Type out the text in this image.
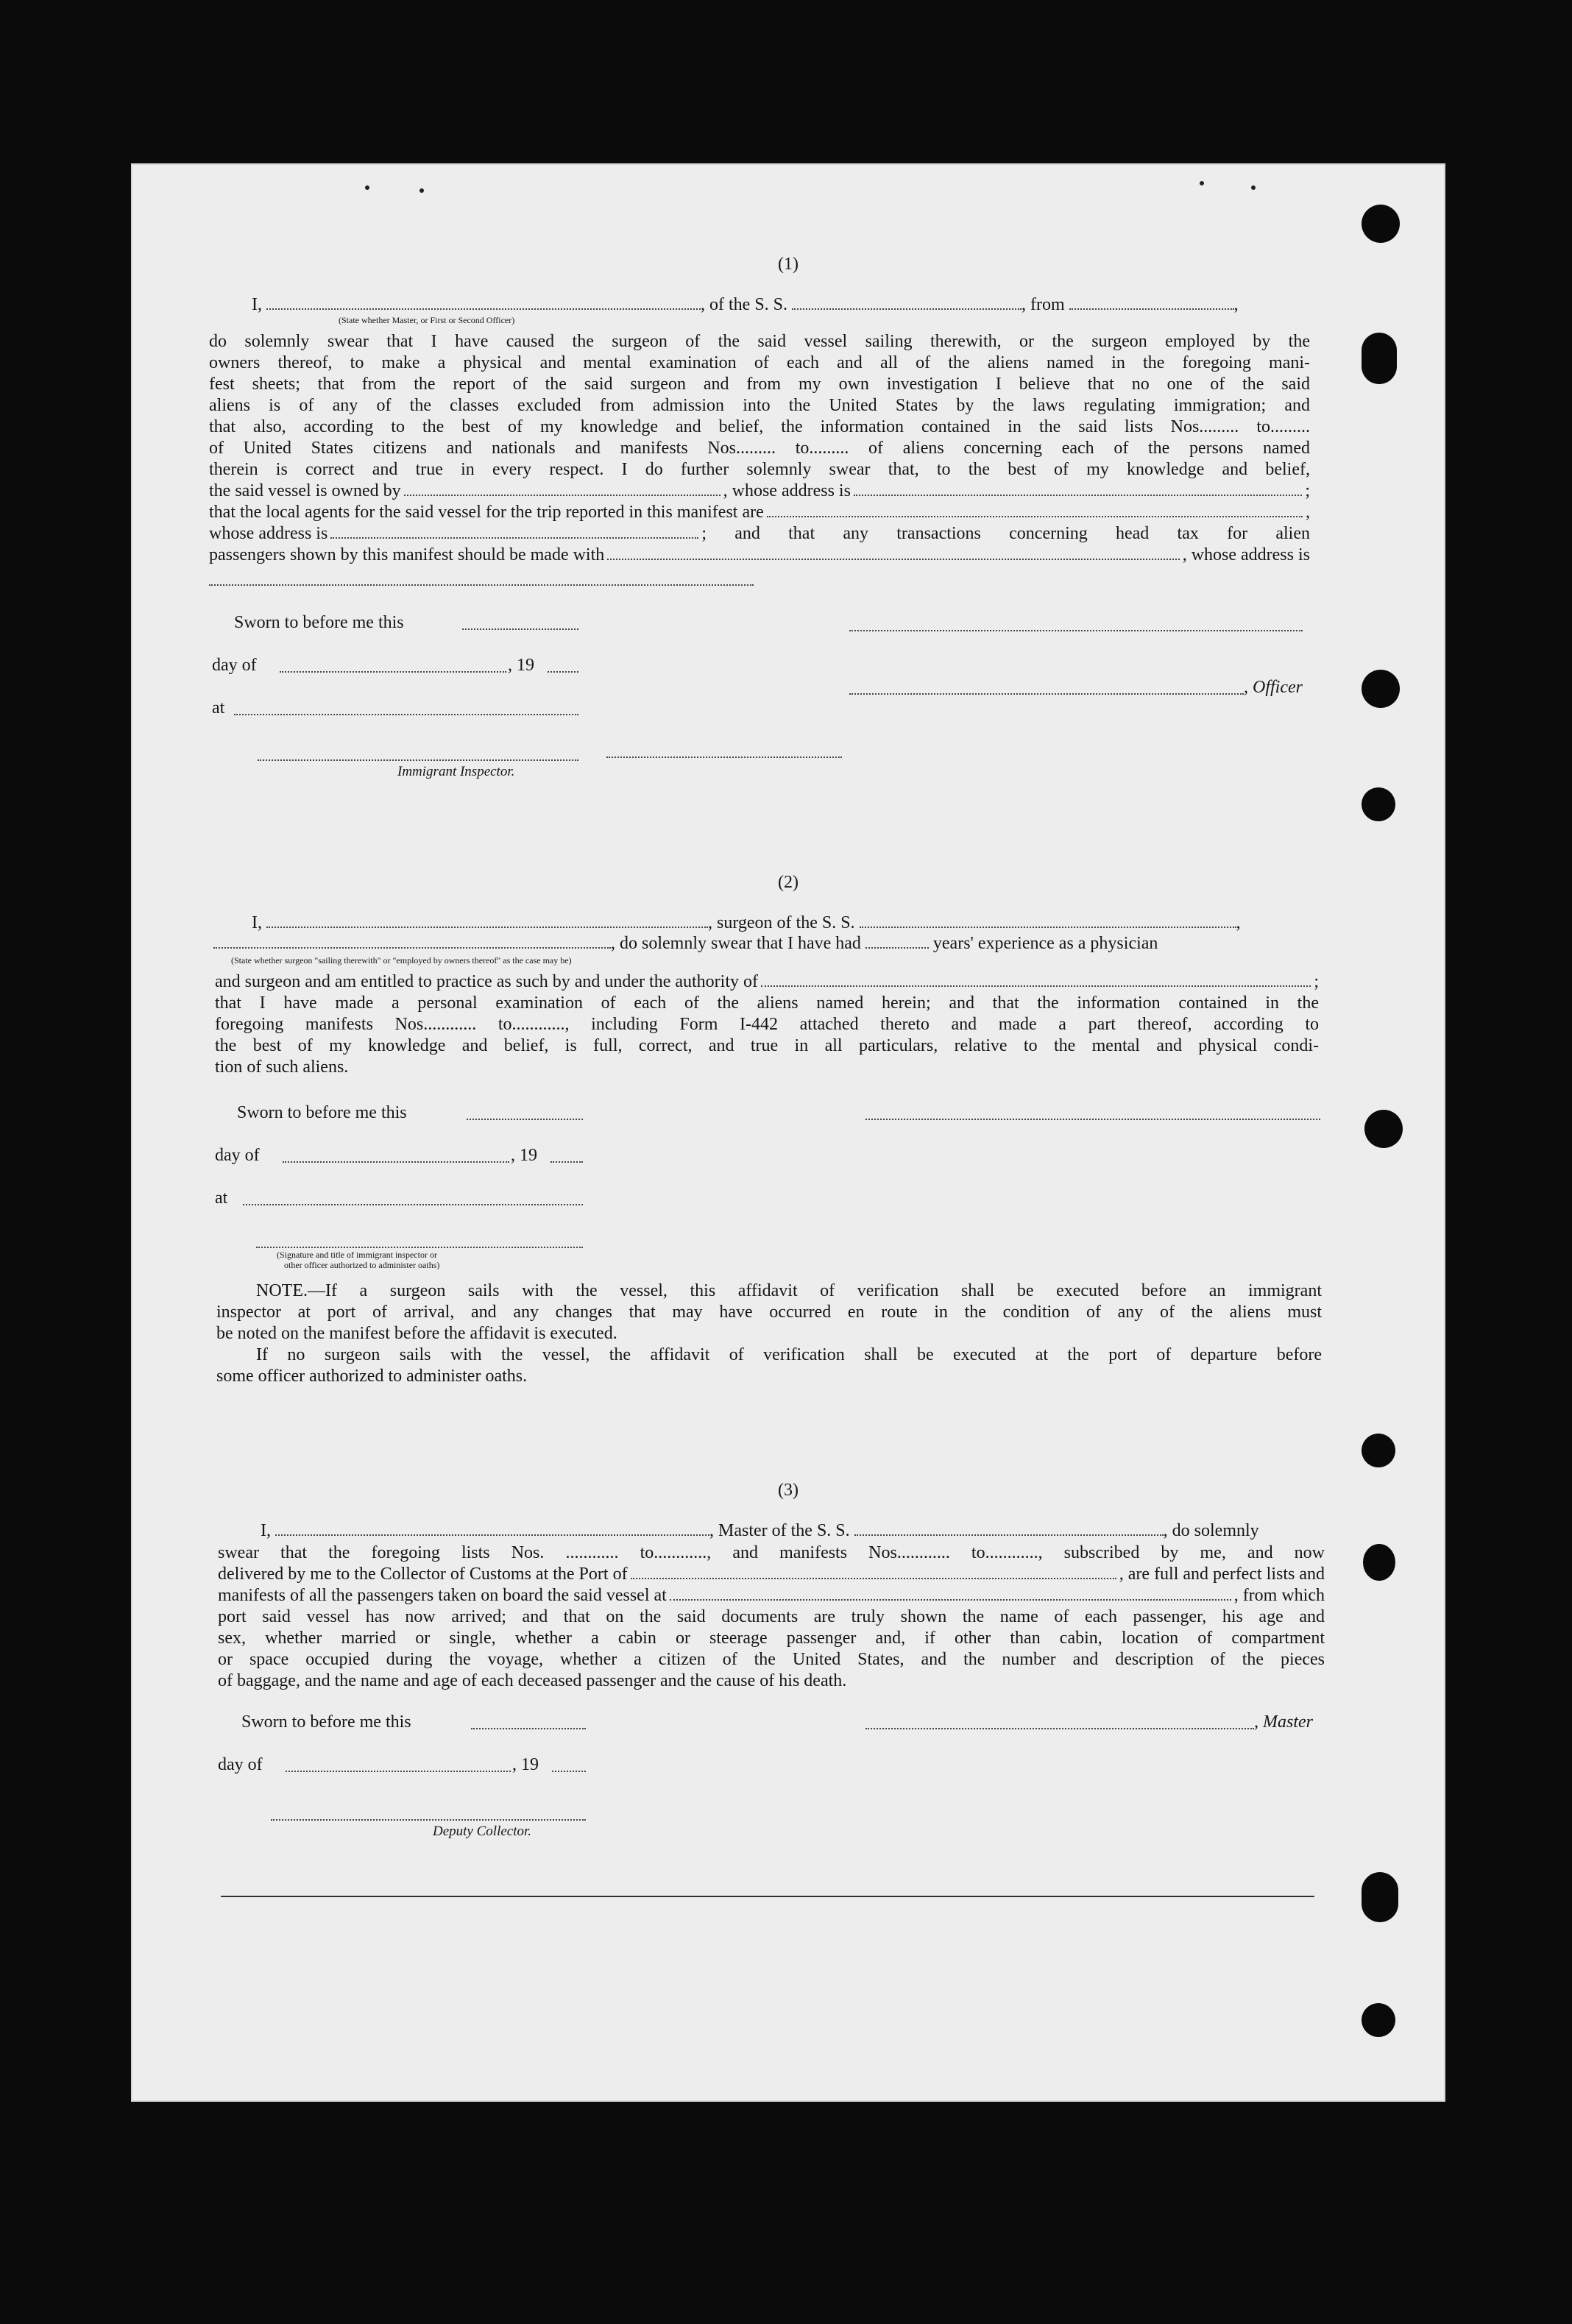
(1)
I,	, of the S. S.	, from	,
(State whether Master, or First or Second Officer)
do solemnly swear that I have caused the surgeon of the said vessel sailing therewith, or the surgeon employed by the
owners thereof, to make a physical and mental examination of each and all of the aliens named in the foregoing mani-
fest sheets; that from the report of the said surgeon and from my own investigation I believe that no one of the said
aliens is of any of the classes excluded from admission into the United States by the laws regulating immigration; and
that also, according to the best of my knowledge and belief, the information contained in the said lists Nos......... to.........
of United States citizens and nationals and manifests Nos......... to......... of aliens concerning each of the persons named
therein is correct and true in every respect. I do further solemnly swear that, to the best of my knowledge and belief,
the said vessel is owned by	, whose address is	;
that the local agents for the said vessel for the trip reported in this manifest are	,
whose address is	; and that any transactions concerning head tax for alien
passengers shown by this manifest should be made with	, whose address is
Sworn to before me this
day of	, 19
at
Immigrant Inspector.
, Officer
(2)
I,	, surgeon of the S. S.	,
, do solemnly swear that I have had	years' experience as a physician
(State whether surgeon "sailing therewith" or "employed by owners thereof" as the case may be)
and surgeon and am entitled to practice as such by and under the authority of	;
that I have made a personal examination of each of the aliens named herein; and that the information contained in the
foregoing manifests Nos............ to............, including Form I-442 attached thereto and made a part thereof, according to
the best of my knowledge and belief, is full, correct, and true in all particulars, relative to the mental and physical condi-
tion of such aliens.
Sworn to before me this
day of	, 19
at
(Signature and title of immigrant inspector or
other officer authorized to administer oaths)
NOTE.—If a surgeon sails with the vessel, this affidavit of verification shall be executed before an immigrant
inspector at port of arrival, and any changes that may have occurred en route in the condition of any of the aliens must
be noted on the manifest before the affidavit is executed.
If no surgeon sails with the vessel, the affidavit of verification shall be executed at the port of departure before
some officer authorized to administer oaths.
(3)
I,	, Master of the S. S.	, do solemnly
swear that the foregoing lists Nos. ............ to............, and manifests Nos............ to............, subscribed by me, and now
delivered by me to the Collector of Customs at the Port of	, are full and perfect lists and
manifests of all the passengers taken on board the said vessel at	, from which
port said vessel has now arrived; and that on the said documents are truly shown the name of each passenger, his age and
sex, whether married or single, whether a cabin or steerage passenger and, if other than cabin, location of compartment
or space occupied during the voyage, whether a citizen of the United States, and the number and description of the pieces
of baggage, and the name and age of each deceased passenger and the cause of his death.
Sworn to before me this	, Master
day of	, 19
Deputy Collector.
